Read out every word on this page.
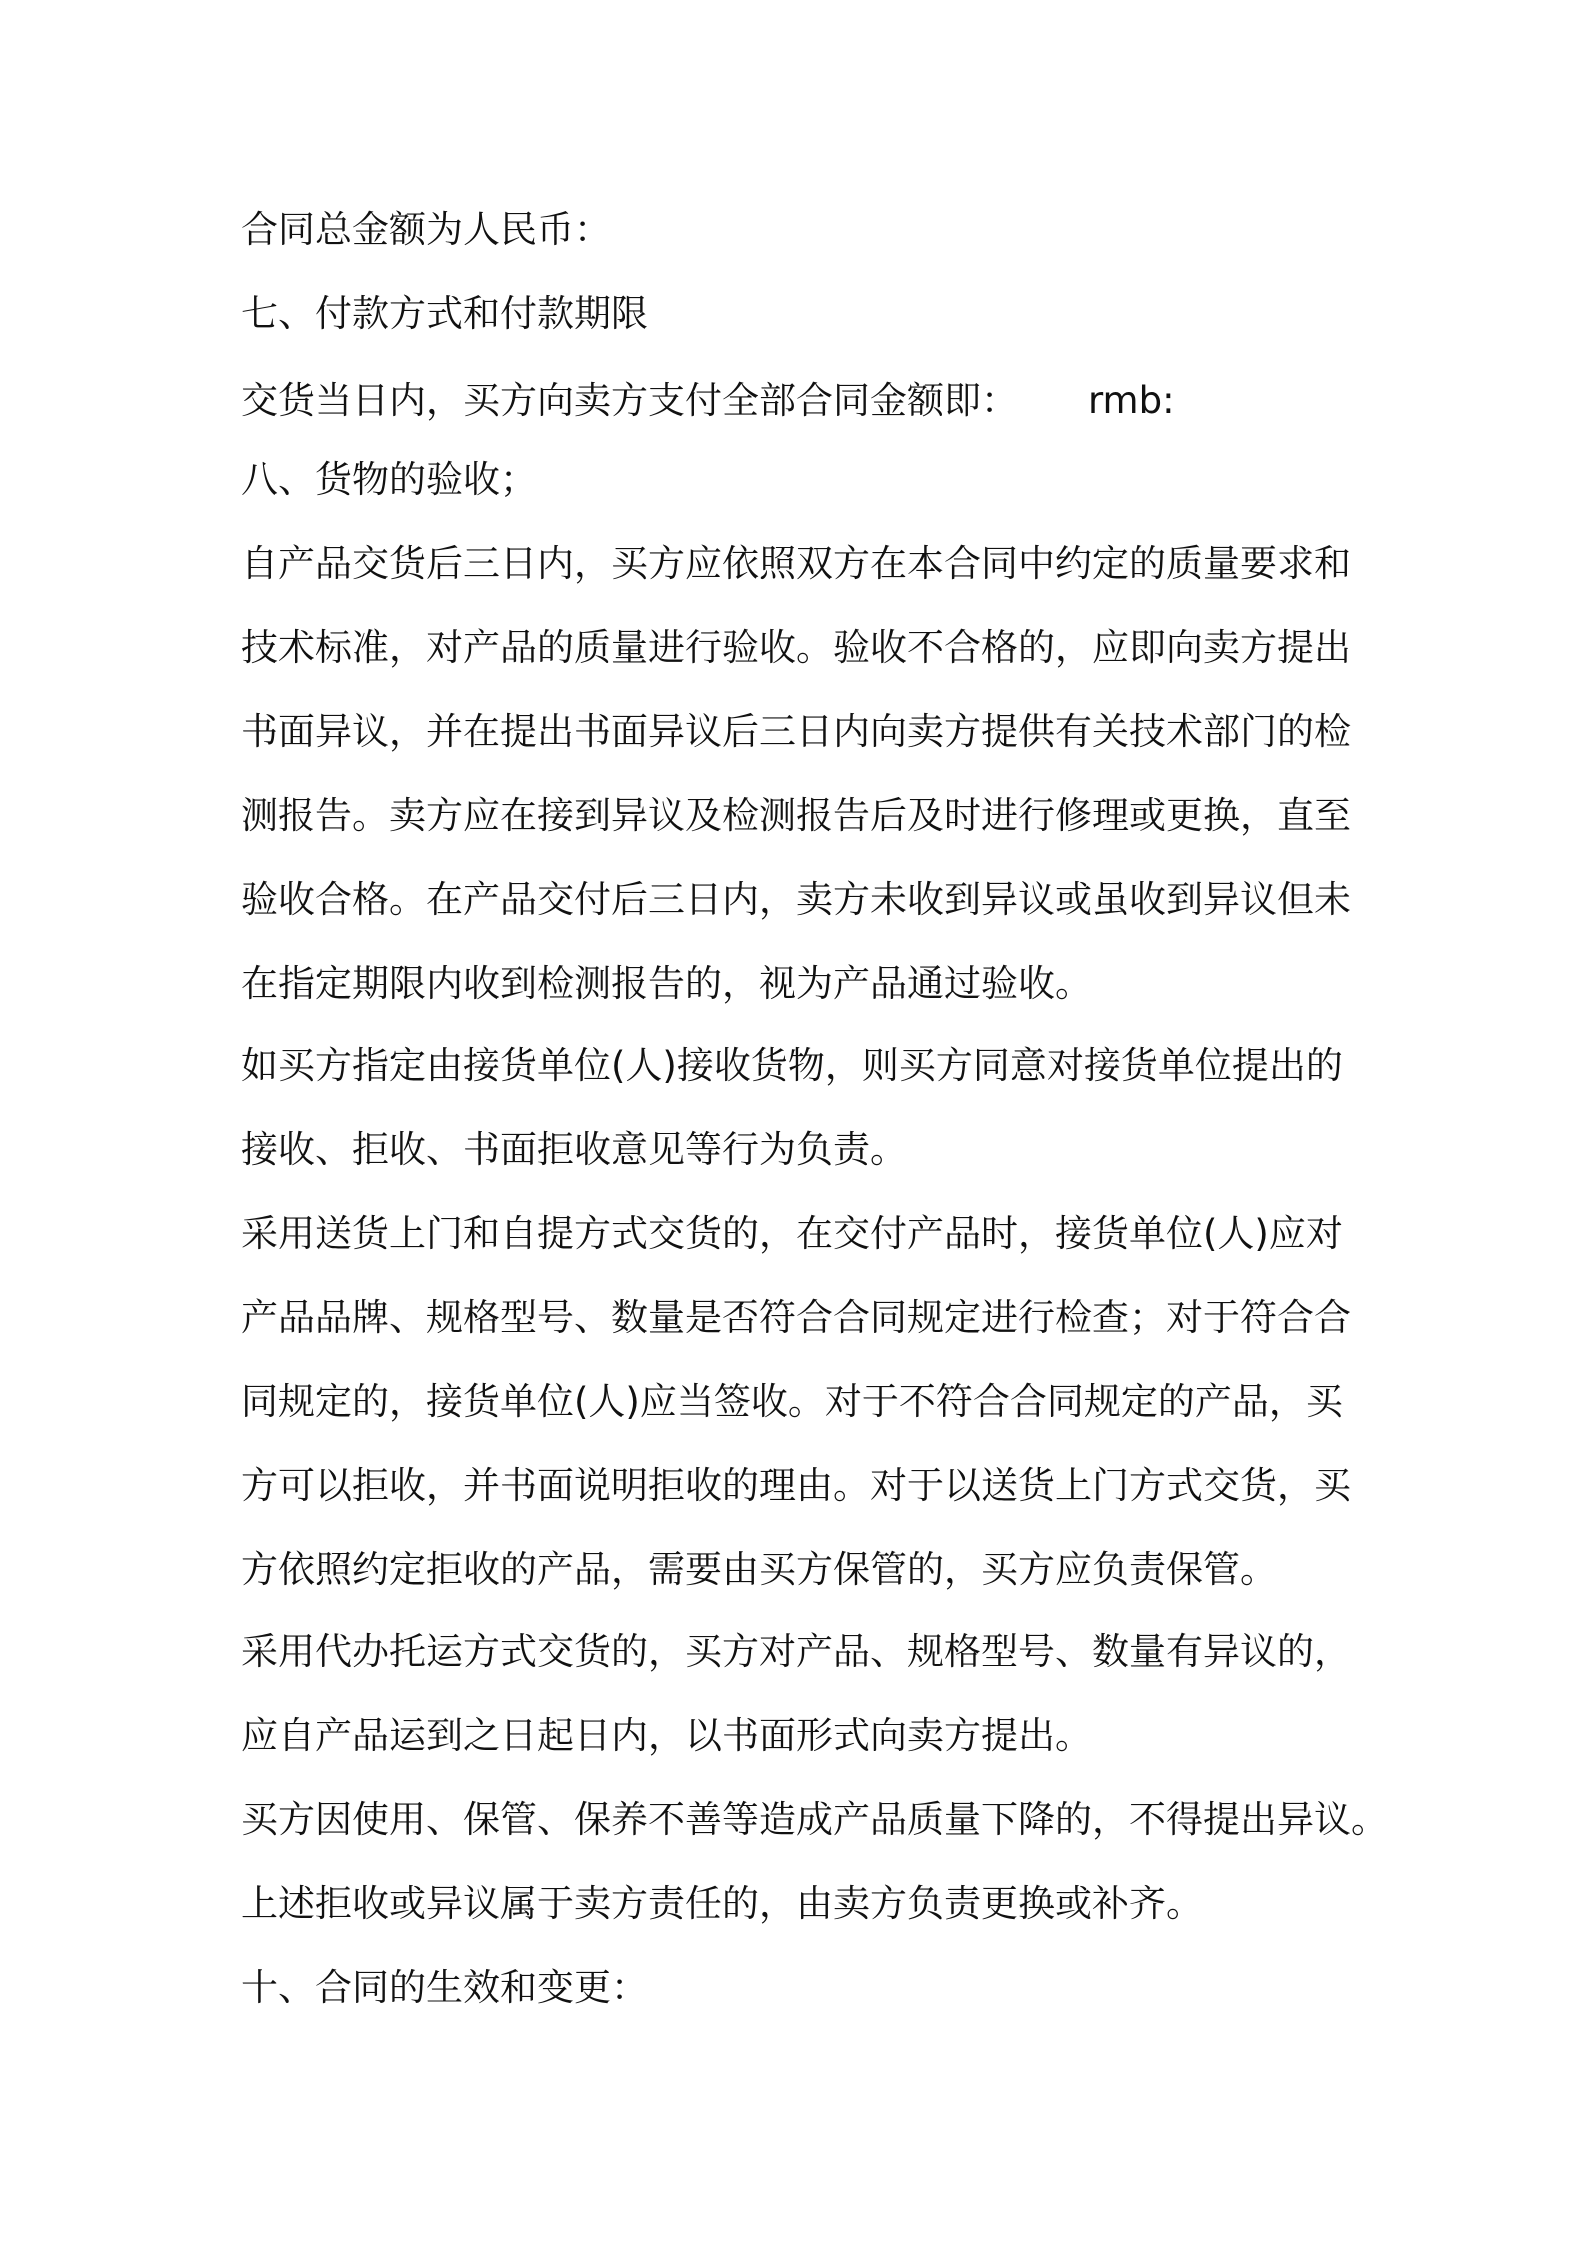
合同总金额为人民币：
七、付款方式和付款期限
交货当日内，买方向卖方支付全部合同金额即：	rmb:
八、货物的验收；
自产品交货后三日内，买方应依照双方在本合同中约定的质量要求和
技术标准，对产品的质量进行验收。验收不合格的，应即向卖方提出
书面异议，并在提出书面异议后三日内向卖方提供有关技术部门的检
测报告。卖方应在接到异议及检测报告后及时进行修理或更换，直至
验收合格。在产品交付后三日内，卖方未收到异议或虽收到异议但未
在指定期限内收到检测报告的，视为产品通过验收。
如买方指定由接货单位(人)接收货物，则买方同意对接货单位提出的
接收、拒收、书面拒收意见等行为负责。
采用送货上门和自提方式交货的，在交付产品时，接货单位(人)应对
产品品牌、规格型号、数量是否符合合同规定进行检查；对于符合合
同规定的，接货单位(人)应当签收。对于不符合合同规定的产品，买
方可以拒收，并书面说明拒收的理由。对于以送货上门方式交货，买
方依照约定拒收的产品，需要由买方保管的，买方应负责保管。
采用代办托运方式交货的，买方对产品、规格型号、数量有异议的，
应自产品运到之日起日内，以书面形式向卖方提出。
买方因使用、保管、保养不善等造成产品质量下降的，不得提出异议。
上述拒收或异议属于卖方责任的，由卖方负责更换或补齐。
十、合同的生效和变更：
